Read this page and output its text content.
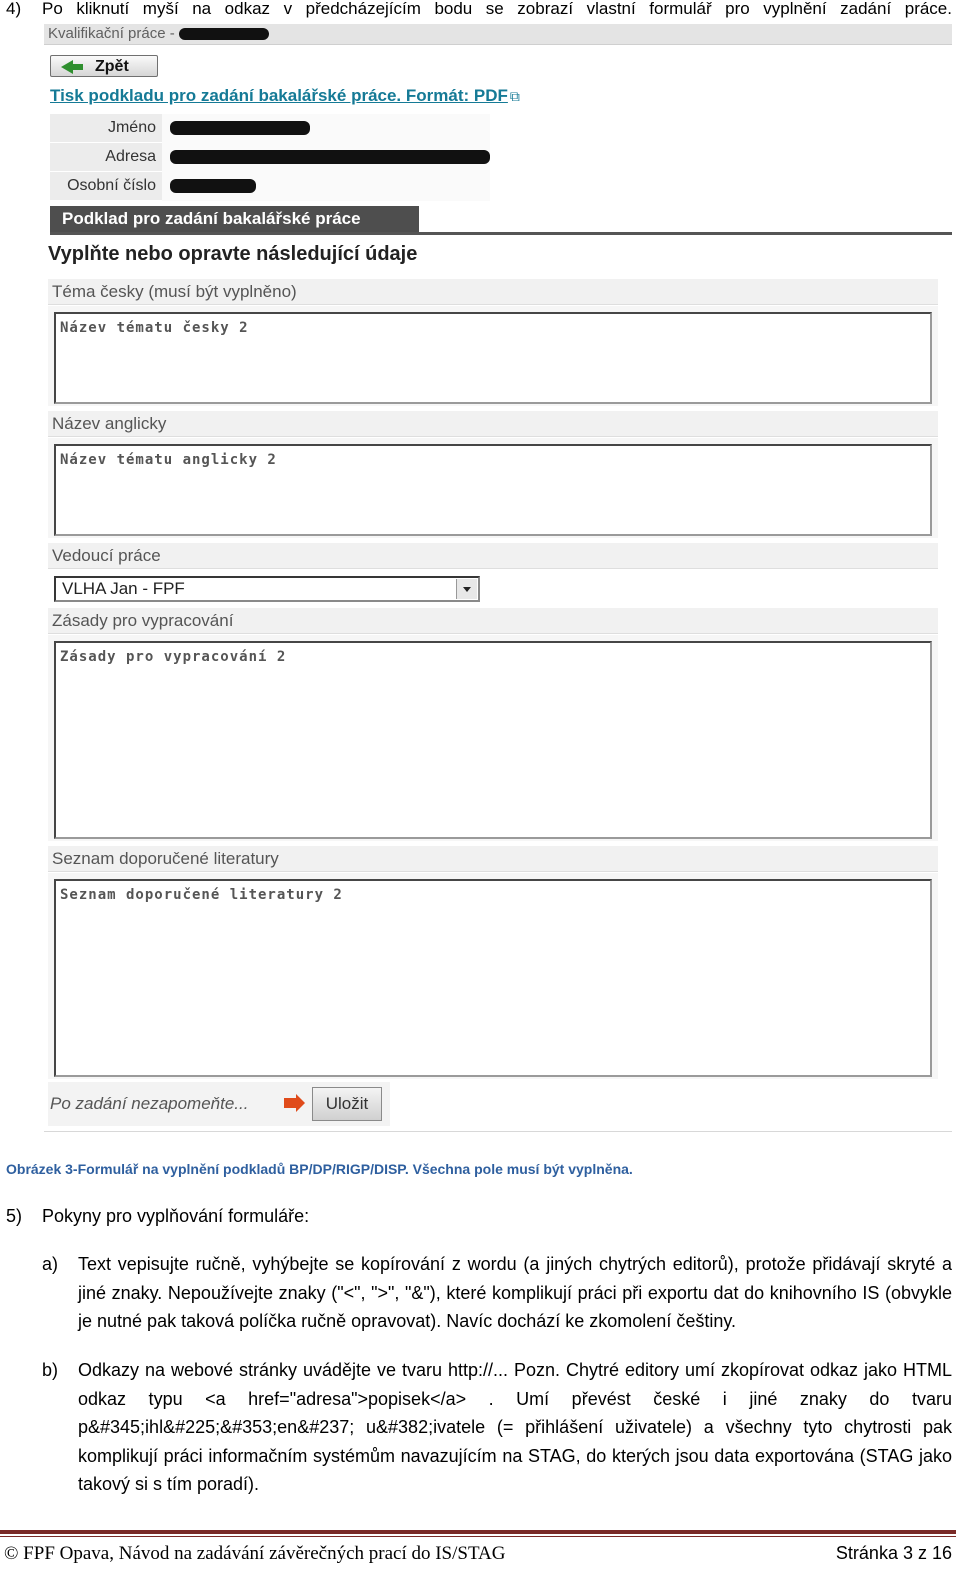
4)	Po kliknutí myší na odkaz v předcházejícím bodu se zobrazí vlastní formulář pro vyplnění zadání práce.
Kvalifikační práce -
Zpět
Tisk podkladu pro zadání bakalářské práce. Formát: PDF ⧉
Jméno	
Adresa	
Osobní číslo	
Podklad pro zadání bakalářské práce
Vyplňte nebo opravte následující údaje
Téma česky (musí být vyplněno)
Název tématu česky 2
Název anglicky
Název tématu anglicky 2
Vedoucí práce
VLHA Jan - FPF
Zásady pro vypracování
Zásady pro vypracování 2
Seznam doporučené literatury
Seznam doporučené literatury 2
Po zadání nezapomeňte...	Uložit
Obrázek 3-Formulář na vyplnění podkladů BP/DP/RIGP/DISP. Všechna pole musí být vyplněna.
5)	Pokyny pro vyplňování formuláře:
a)	Text vepisujte ručně, vyhýbejte se kopírování z wordu (a jiných chytrých editorů), protože přidávají skryté a jiné znaky. Nepoužívejte znaky ("<", ">", "&"), které komplikují práci při exportu dat do knihovního IS (obvykle je nutné pak taková políčka ručně opravovat). Navíc dochází ke zkomolení češtiny.
b)	Odkazy na webové stránky uvádějte ve tvaru http://... Pozn. Chytré editory umí zkopírovat odkaz jako HTML odkaz typu <a href="adresa">popisek</a> . Umí převést české i jiné znaky do tvaru p&#345;ihl&#225;&#353;en&#237; u&#382;ivatele (= přihlášení uživatele) a všechny tyto chytrosti pak komplikují práci informačním systémům navazujícím na STAG, do kterých jsou data exportována (STAG jako takový si s tím poradí).
© FPF Opava, Návod na zadávání závěrečných prací do IS/STAG	Stránka 3 z 16
